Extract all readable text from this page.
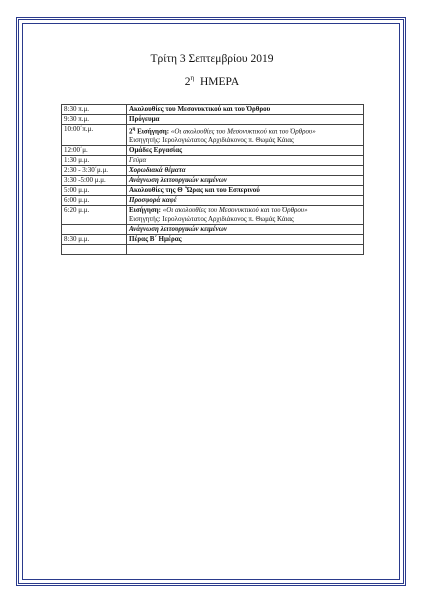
Τρίτη 3 Σεπτεμβρίου 2019
$2^\eta$ ΗΜΕΡΑ
8:30 π.μ.	Ακολουθίες του Μεσονυκτικού και του Όρθρου
9:30 π.μ.	Πρόγευμα
10:00΄π.μ.	$2^\eta$ Εισήγηση: «Οι ακολουθίες του Μεσονυκτικού και του Όρθρου»
Εισηγητής: Ιερολογιώτατος Αρχιδιάκονος π. Θωμάς Κάιας

12:00΄μ.	Ομάδες Εργασίας
1:30 μ.μ.	Γεύμα
2:30 - 3:30΄μ.μ.	Χορωδιακά θέματα
3:30 -5:00 μ.μ.	Ανάγνωση λειτουργικών κειμένων
5:00 μ.μ.	Ακολουθίες της Θ ΄Ώρας και του Εσπερινού
6:00 μ.μ.	Προσφορά καφέ
6:20 μ.μ.	Εισήγηση: «Οι ακολουθίες του Μεσονυκτικού και του Όρθρου»
Εισηγητής: Ιερολογιώτατος Αρχιδιάκονος π. Θωμάς Κάιας

	Ανάγνωση λειτουργικών κειμένων
8:30 μ.μ.	Πέρας Β΄ Ημέρας
